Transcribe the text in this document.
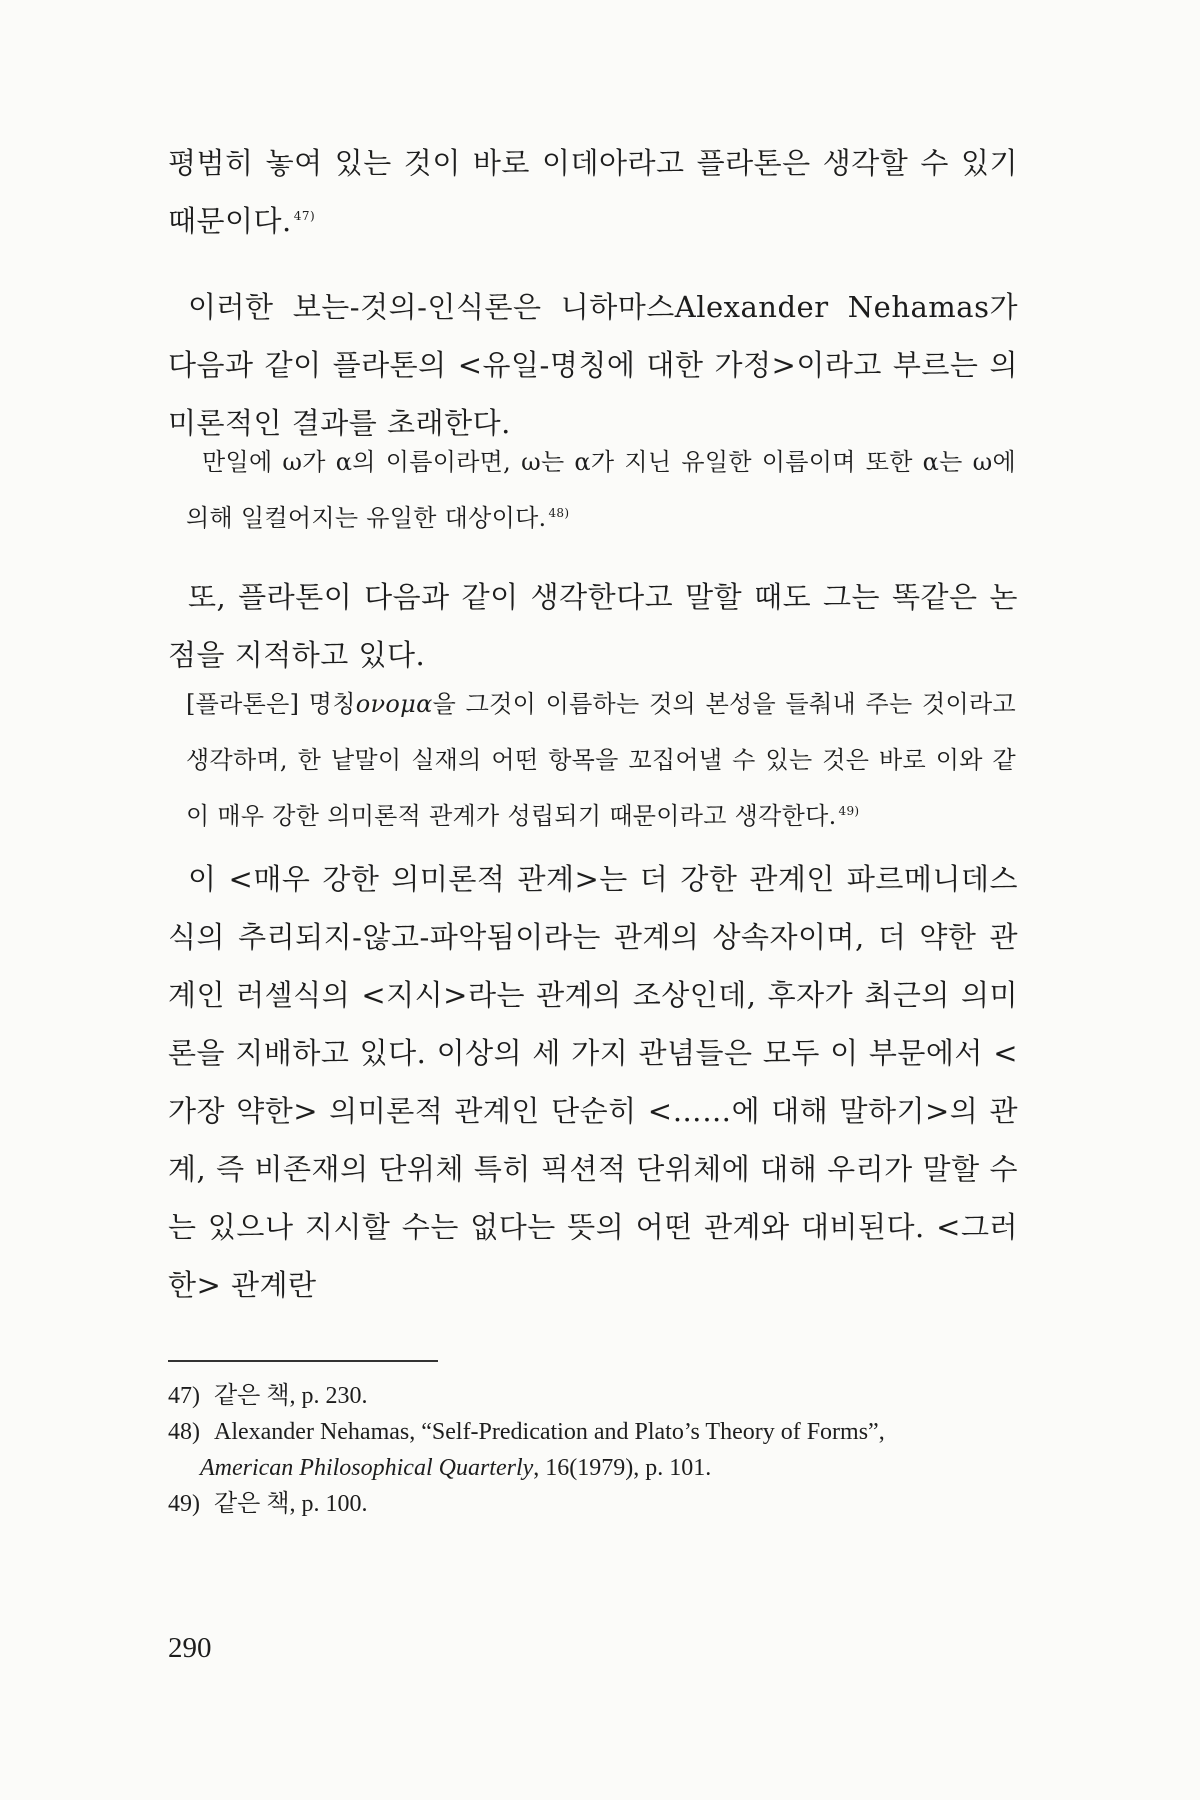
평범히 놓여 있는 것이 바로 이데아라고 플라톤은 생각할 수 있기 때문이다. $^{47)}$

이러한 보는-것의-인식론은 니하마스Alexander Nehamas가 다음과 같이 플라톤의 <유일-명칭에 대한 가정>이라고 부르는 의미론적인 결과를 초래한다.

만일에 ω가 α의 이름이라면, ω는 α가 지닌 유일한 이름이며 또한 α는 ω에 의해 일컬어지는 유일한 대상이다. $^{48)}$

또, 플라톤이 다음과 같이 생각한다고 말할 때도 그는 똑같은 논점을 지적하고 있다.

[플라톤은] 명칭ονομα을 그것이 이름하는 것의 본성을 들춰내 주는 것이라고 생각하며, 한 낱말이 실재의 어떤 항목을 꼬집어낼 수 있는 것은 바로 이와 같이 매우 강한 의미론적 관계가 성립되기 때문이라고 생각한다. $^{49)}$

이 <매우 강한 의미론적 관계>는 더 강한 관계인 파르메니데스식의 추리되지-않고-파악됨이라는 관계의 상속자이며, 더 약한 관계인 러셀식의 <지시>라는 관계의 조상인데, 후자가 최근의 의미론을 지배하고 있다. 이상의 세 가지 관념들은 모두 이 부문에서 <가장 약한> 의미론적 관계인 단순히 <……에 대해 말하기>의 관계, 즉 비존재의 단위체 특히 픽션적 단위체에 대해 우리가 말할 수는 있으나 지시할 수는 없다는 뜻의 어떤 관계와 대비된다. <그러한> 관계란

47) 같은 책, p. 230.

48) Alexander Nehamas, “Self-Predication and Plato’s Theory of Forms”,
American Philosophical Quarterly, 16(1979), p. 101.

49) 같은 책, p. 100.

290
